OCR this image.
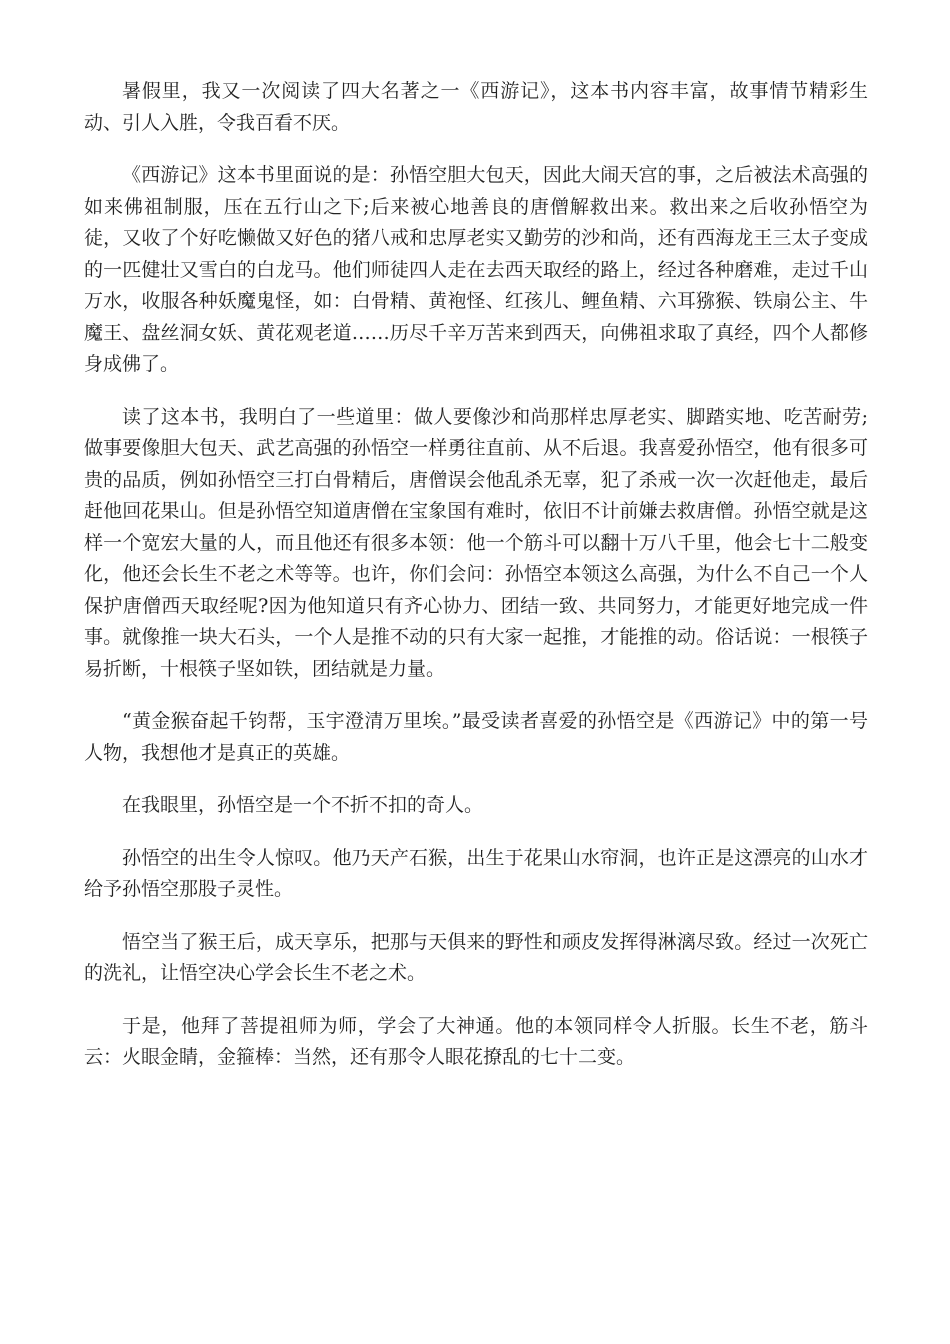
暑假里，我又一次阅读了四大名著之一《西游记》，这本书内容丰富，故事情节精彩生动、引人入胜，令我百看不厌。

《西游记》这本书里面说的是：孙悟空胆大包天，因此大闹天宫的事，之后被法术高强的如来佛祖制服，压在五行山之下;后来被心地善良的唐僧解救出来。救出来之后收孙悟空为徒，又收了个好吃懒做又好色的猪八戒和忠厚老实又勤劳的沙和尚，还有西海龙王三太子变成的一匹健壮又雪白的白龙马。他们师徒四人走在去西天取经的路上，经过各种磨难，走过千山万水，收服各种妖魔鬼怪，如：白骨精、黄袍怪、红孩儿、鲤鱼精、六耳猕猴、铁扇公主、牛魔王、盘丝洞女妖、黄花观老道……历尽千辛万苦来到西天，向佛祖求取了真经，四个人都修身成佛了。

读了这本书，我明白了一些道里：做人要像沙和尚那样忠厚老实、脚踏实地、吃苦耐劳;做事要像胆大包天、武艺高强的孙悟空一样勇往直前、从不后退。我喜爱孙悟空，他有很多可贵的品质，例如孙悟空三打白骨精后，唐僧误会他乱杀无辜，犯了杀戒一次一次赶他走，最后赶他回花果山。但是孙悟空知道唐僧在宝象国有难时，依旧不计前嫌去救唐僧。孙悟空就是这样一个宽宏大量的人，而且他还有很多本领：他一个筋斗可以翻十万八千里，他会七十二般变化，他还会长生不老之术等等。也许，你们会问：孙悟空本领这么高强，为什么不自己一个人保护唐僧西天取经呢?因为他知道只有齐心协力、团结一致、共同努力，才能更好地完成一件事。就像推一块大石头，一个人是推不动的只有大家一起推，才能推的动。俗话说：一根筷子易折断，十根筷子坚如铁，团结就是力量。

“黄金猴奋起千钧帮，玉宇澄清万里埃。”最受读者喜爱的孙悟空是《西游记》中的第一号人物，我想他才是真正的英雄。

在我眼里，孙悟空是一个不折不扣的奇人。

孙悟空的出生令人惊叹。他乃天产石猴，出生于花果山水帘洞，也许正是这漂亮的山水才给予孙悟空那股子灵性。

悟空当了猴王后，成天享乐，把那与天俱来的野性和顽皮发挥得淋漓尽致。经过一次死亡的洗礼，让悟空决心学会长生不老之术。

于是，他拜了菩提祖师为师，学会了大神通。他的本领同样令人折服。长生不老，筋斗云：火眼金睛，金箍棒：当然，还有那令人眼花撩乱的七十二变。
